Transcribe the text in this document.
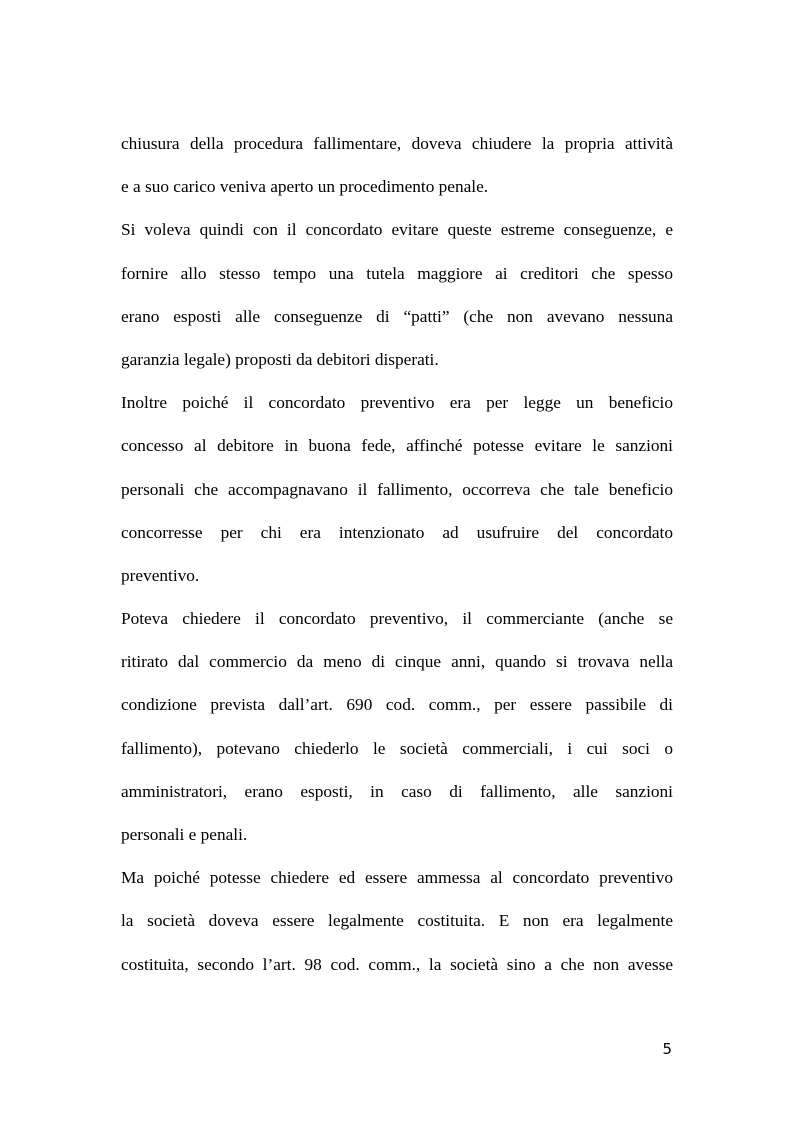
chiusura della procedura fallimentare, doveva chiudere la propria attività
e a suo carico veniva aperto un procedimento penale.
Si voleva quindi con il concordato evitare queste estreme conseguenze, e
fornire allo stesso tempo una tutela maggiore ai creditori che spesso
erano esposti alle conseguenze di “patti” (che non avevano nessuna
garanzia legale) proposti da debitori disperati.
Inoltre poiché il concordato preventivo era per legge un beneficio
concesso al debitore in buona fede, affinché potesse evitare le sanzioni
personali che accompagnavano il fallimento, occorreva che tale beneficio
concorresse per chi era intenzionato ad usufruire del concordato
preventivo.
Poteva chiedere il concordato preventivo, il commerciante (anche se
ritirato dal commercio da meno di cinque anni, quando si trovava nella
condizione prevista dall’art. 690 cod. comm., per essere passibile di
fallimento), potevano chiederlo le società commerciali, i cui soci o
amministratori, erano esposti, in caso di fallimento, alle sanzioni
personali e penali.
Ma poiché potesse chiedere ed essere ammessa al concordato preventivo
la società doveva essere legalmente costituita. E non era legalmente
costituita, secondo l’art. 98 cod. comm., la società sino a che non avesse
5
